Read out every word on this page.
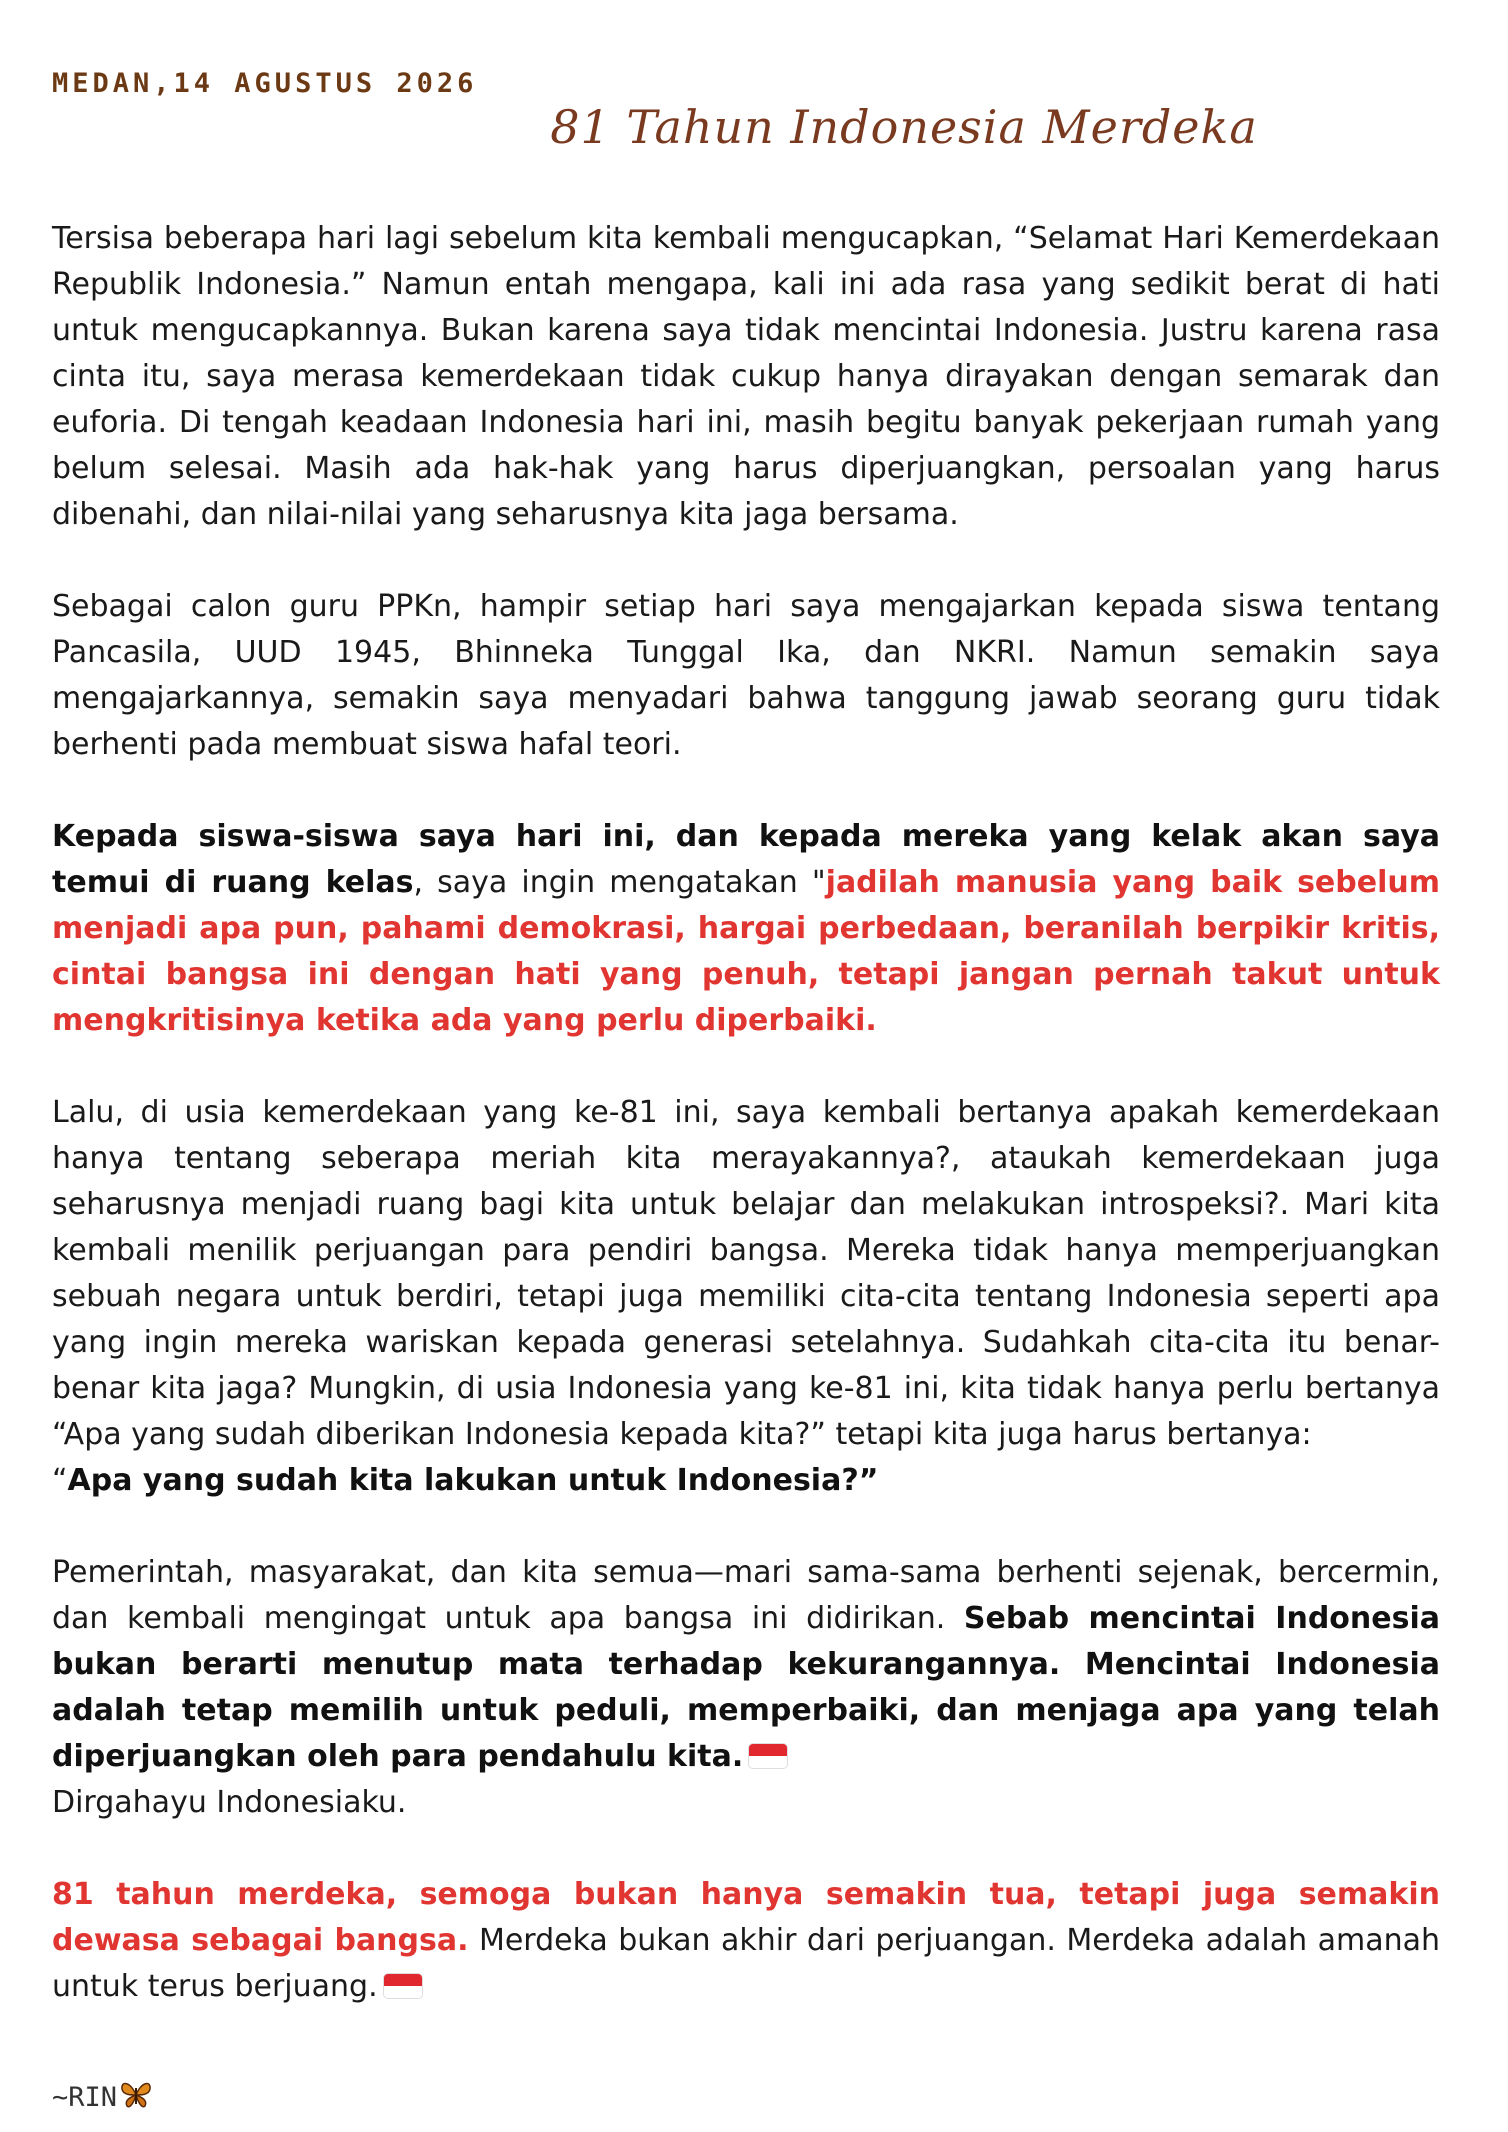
MEDAN,14 AGUSTUS 2026
81 Tahun Indonesia Merdeka

Tersisa beberapa hari lagi sebelum kita kembali mengucapkan, “Selamat Hari Kemerdekaan Republik Indonesia.” Namun entah mengapa, kali ini ada rasa yang sedikit berat di hati untuk mengucapkannya. Bukan karena saya tidak mencintai Indonesia. Justru karena rasa cinta itu, saya merasa kemerdekaan tidak cukup hanya dirayakan dengan semarak dan euforia. Di tengah keadaan Indonesia hari ini, masih begitu banyak pekerjaan rumah yang belum selesai. Masih ada hak-hak yang harus diperjuangkan, persoalan yang harus dibenahi, dan nilai-nilai yang seharusnya kita jaga bersama.

Sebagai calon guru PPKn, hampir setiap hari saya mengajarkan kepada siswa tentang Pancasila, UUD 1945, Bhinneka Tunggal Ika, dan NKRI. Namun semakin saya mengajarkannya, semakin saya menyadari bahwa tanggung jawab seorang guru tidak berhenti pada membuat siswa hafal teori.

Kepada siswa-siswa saya hari ini, dan kepada mereka yang kelak akan saya temui di ruang kelas, saya ingin mengatakan "jadilah manusia yang baik sebelum menjadi apa pun, pahami demokrasi, hargai perbedaan, beranilah berpikir kritis, cintai bangsa ini dengan hati yang penuh, tetapi jangan pernah takut untuk mengkritisinya ketika ada yang perlu diperbaiki.

Lalu, di usia kemerdekaan yang ke-81 ini, saya kembali bertanya apakah kemerdekaan hanya tentang seberapa meriah kita merayakannya?, ataukah kemerdekaan juga seharusnya menjadi ruang bagi kita untuk belajar dan melakukan introspeksi?. Mari kita kembali menilik perjuangan para pendiri bangsa. Mereka tidak hanya memperjuangkan sebuah negara untuk berdiri, tetapi juga memiliki cita-cita tentang Indonesia seperti apa yang ingin mereka wariskan kepada generasi setelahnya. Sudahkah cita-cita itu benar-benar kita jaga? Mungkin, di usia Indonesia yang ke-81 ini, kita tidak hanya perlu bertanya “Apa yang sudah diberikan Indonesia kepada kita?” tetapi kita juga harus bertanya:

“Apa yang sudah kita lakukan untuk Indonesia?”

Pemerintah, masyarakat, dan kita semua—mari sama-sama berhenti sejenak, bercermin, dan kembali mengingat untuk apa bangsa ini didirikan. Sebab mencintai Indonesia bukan berarti menutup mata terhadap kekurangannya. Mencintai Indonesia adalah tetap memilih untuk peduli, memperbaiki, dan menjaga apa yang telah diperjuangkan oleh para pendahulu kita.

Dirgahayu Indonesiaku.

81 tahun merdeka, semoga bukan hanya semakin tua, tetapi juga semakin dewasa sebagai bangsa. Merdeka bukan akhir dari perjuangan. Merdeka adalah amanah untuk terus berjuang.

~RIN
